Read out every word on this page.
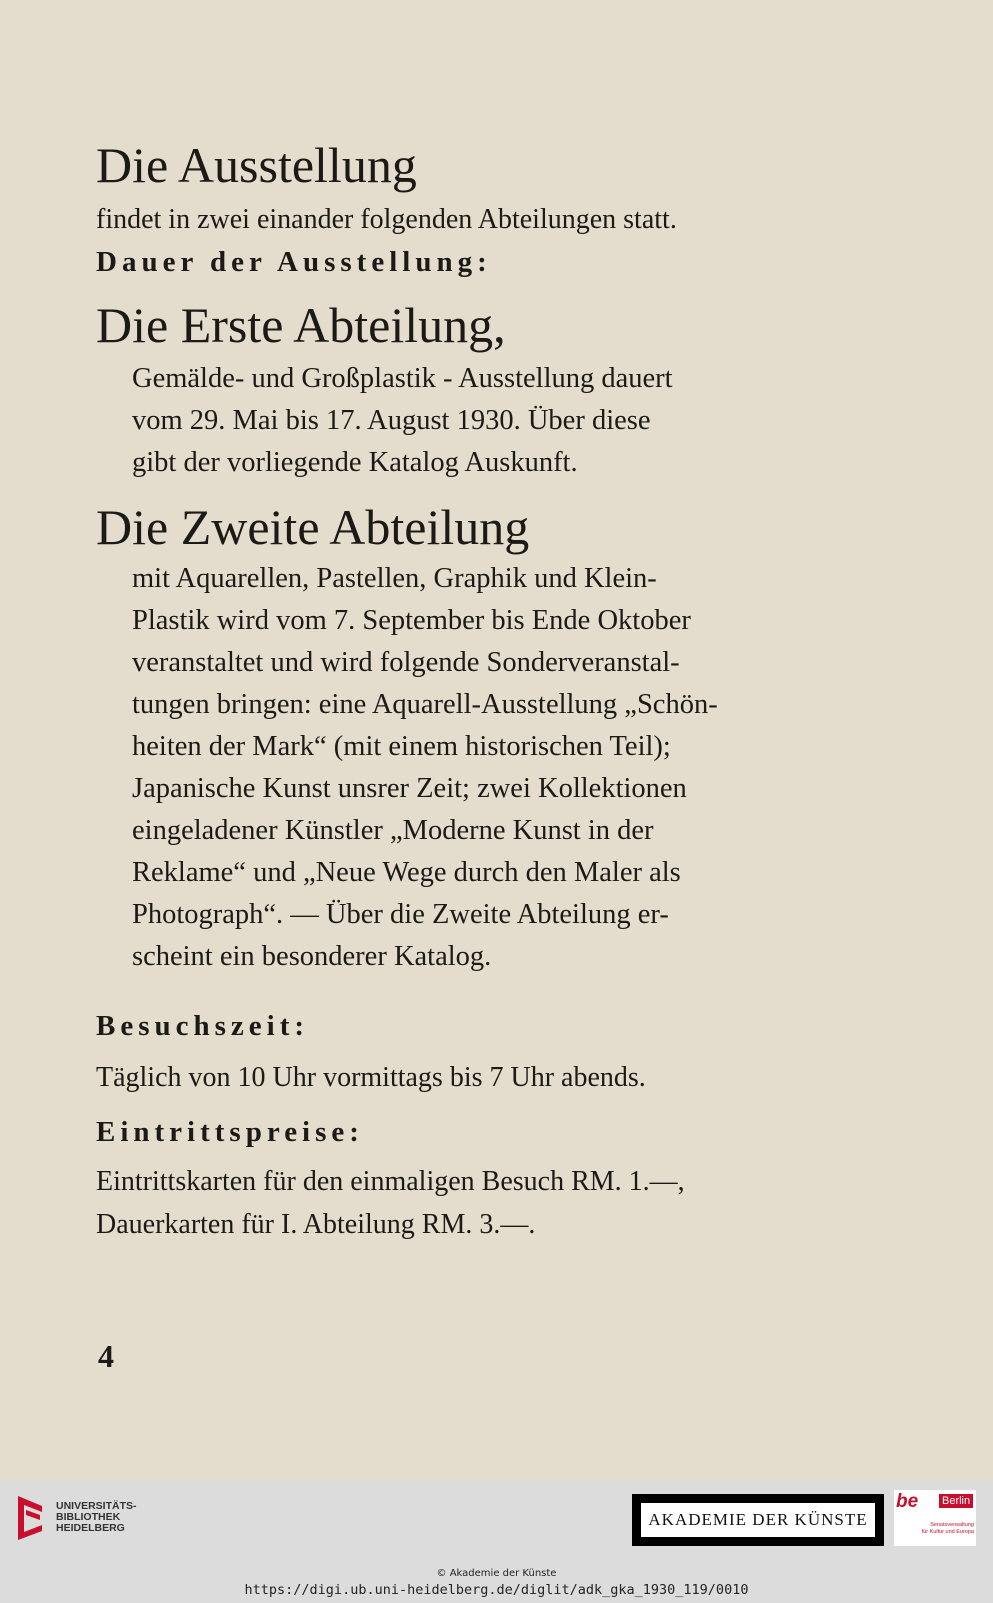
Die Ausstellung
findet in zwei einander folgenden Abteilungen statt.
Dauer der Ausstellung:
Die Erste Abteilung,
Gemälde- und Großplastik - Ausstellung dauert
vom 29. Mai bis 17. August 1930. Über diese
gibt der vorliegende Katalog Auskunft.
Die Zweite Abteilung
mit Aquarellen, Pastellen, Graphik und Klein-
Plastik wird vom 7. September bis Ende Oktober
veranstaltet und wird folgende Sonderveranstal-
tungen bringen: eine Aquarell-Ausstellung „Schön-
heiten der Mark“ (mit einem historischen Teil);
Japanische Kunst unsrer Zeit; zwei Kollektionen
eingeladener Künstler „Moderne Kunst in der
Reklame“ und „Neue Wege durch den Maler als
Photograph“. — Über die Zweite Abteilung er-
scheint ein besonderer Katalog.
Besuchszeit:
Täglich von 10 Uhr vormittags bis 7 Uhr abends.
Eintrittspreise:
Eintrittskarten für den einmaligen Besuch RM. 1.—,
Dauerkarten für I. Abteilung RM. 3.—.
4
UNIVERSITÄTS-
BIBLIOTHEK
HEIDELBERG	AKADEMIE DER KÜNSTE
be Berlin
Senatsverwaltung
für Kultur und Europa
© Akademie der Künste
https://digi.ub.uni-heidelberg.de/diglit/adk_gka_1930_119/0010
